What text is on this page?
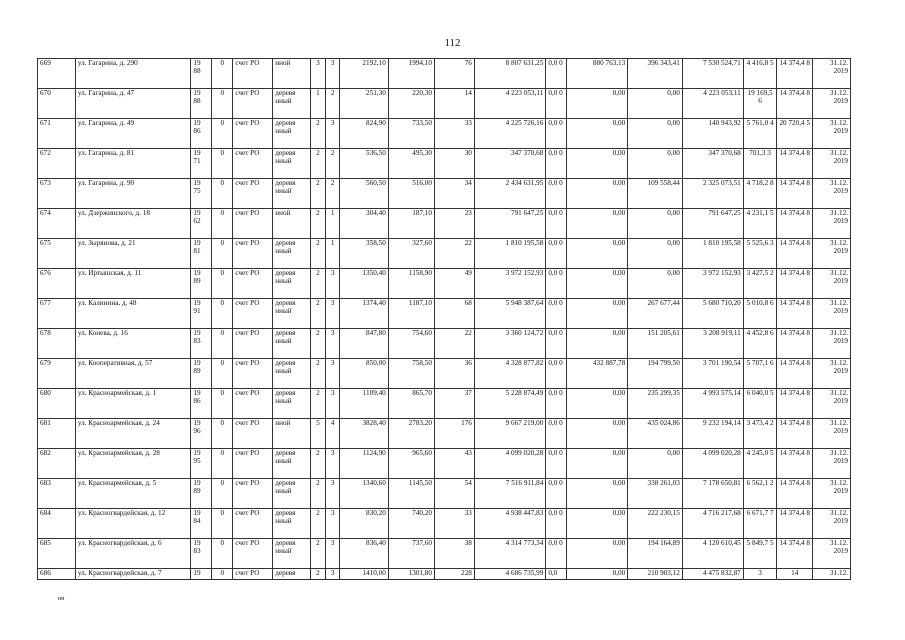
112
669	ул. Гагарина, д. 290	19 88	0	счет РО	иной	3	3	2192,10	1994,10	76	8 807 631,25	0,0 0	880 763,13	396 343,41	7 530 524,71	4 416,8 5	14 374,4 8	31.12. 2019
670	ул. Гагарина, д. 47	19 88	0	счет РО	деревя нный	1	2	251,30	220,30	14	4 223 053,11	0,0 0	0,00	0,00	4 223 053,11	19 169,5 6	14 374,4 8	31.12. 2019
671	ул. Гагарина, д. 49	19 86	0	счет РО	деревя нный	2	3	824,90	733,50	33	4 225 726,16	0,0 0	0,00	0,00	140 943,92	5 761,0 4	20 720,4 5	31.12. 2019
672	ул. Гагарина, д. 81	19 71	0	счет РО	деревя нный	2	2	536,50	495,30	30	347 370,68	0,0 0	0,00	0,00	347 370,68	701,3 3	14 374,4 8	31.12. 2019
673	ул. Гагарина, д. 90	19 75	0	счет РО	деревя нный	2	2	560,50	516,00	34	2 434 631,95	0,0 0	0,00	109 558,44	2 325 073,51	4 718,2 8	14 374,4 8	31.12. 2019
674	ул. Дзержинского, д. 18	19 62	0	счет РО	иной	2	1	304,40	187,10	23	791 647,25	0,0 0	0,00	0,00	791 647,25	4 231,1 5	14 374,4 8	31.12. 2019
675	ул. Зырянова, д. 21	19 81	0	счет РО	деревя нный	2	1	358,50	327,60	22	1 810 195,58	0,0 0	0,00	0,00	1 810 195,58	5 525,6 3	14 374,4 8	31.12. 2019
676	ул. Иртышская, д. 11	19 89	0	счет РО	деревя нный	2	3	1350,40	1158,90	49	3 972 152,93	0,0 0	0,00	0,00	3 972 152,93	3 427,5 2	14 374,4 8	31.12. 2019
677	ул. Калинина, д. 48	19 91	0	счет РО	деревя нный	2	3	1374,40	1187,10	68	5 948 387,64	0,0 0	0,00	267 677,44	5 680 710,20	5 010,8 6	14 374,4 8	31.12. 2019
678	ул. Конева, д. 16	19 83	0	счет РО	деревя нный	2	3	847,80	754,60	22	3 360 124,72	0,0 0	0,00	151 205,61	3 208 919,11	4 452,8 6	14 374,4 8	31.12. 2019
679	ул. Кооперативная, д. 57	19 89	0	счет РО	деревя нный	2	3	850,00	758,50	36	4 328 877,82	0,0 0	432 887,78	194 799,50	3 701 190,54	5 707,1 6	14 374,4 8	31.12. 2019
680	ул. Красноармейская, д. 1	19 86	0	счет РО	деревя нный	2	3	1109,40	865,70	37	5 228 874,49	0,0 0	0,00	235 299,35	4 993 575,14	6 040,0 5	14 374,4 8	31.12. 2019
681	ул. Красноармейская, д. 24	19 96	0	счет РО	иной	5	4	3828,40	2783,20	176	9 667 219,00	0,0 0	0,00	435 024,86	9 232 194,14	3 473,4 2	14 374,4 8	31.12. 2019
682	ул. Красноармейская, д. 28	19 95	0	счет РО	деревя нный	2	3	1124,90	965,60	43	4 099 020,28	0,0 0	0,00	0,00	4 099 020,28	4 245,0 5	14 374,4 8	31.12. 2019
683	ул. Красноармейская, д. 5	19 89	0	счет РО	деревя нный	2	3	1340,60	1145,50	54	7 516 911,84	0,0 0	0,00	338 261,03	7 178 650,81	6 562,1 2	14 374,4 8	31.12. 2019
684	ул. Красногвардейская, д. 12	19 84	0	счет РО	деревя нный	2	3	830,20	740,20	33	4 938 447,83	0,0 0	0,00	222 230,15	4 716 217,68	6 671,7 7	14 374,4 8	31.12. 2019
685	ул. Красногвардейская, д. 6	19 83	0	счет РО	деревя нный	2	3	836,40	737,60	38	4 314 773,34	0,0 0	0,00	194 164,89	4 120 610,45	5 849,7 5	14 374,4 8	31.12. 2019
686	ул. Красногвардейская, д. 7	19	0	счет РО	деревя	2	3	1410,00	1301,80	228	4 686 735,99	0,0	0,00	210 903,12	4 475 832,87	3	14	31.12.
нн
